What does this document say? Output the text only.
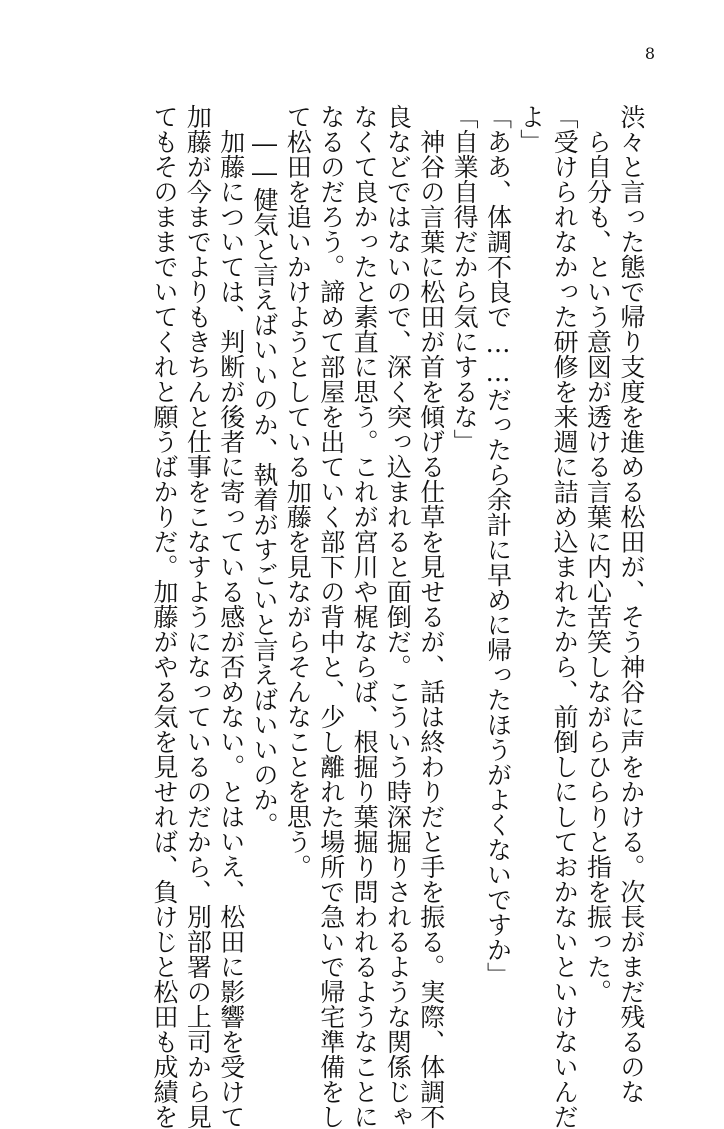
8
渋々と言った態で帰り支度を進める松田が、そう神谷に声をかける。次長がまだ残るのな
ら自分も、という意図が透ける言葉に内心苦笑しながらひらりと指を振った。
「受けられなかった研修を来週に詰め込まれたから、前倒しにしておかないといけないんだ
よ」
「ああ、体調不良で……だったら余計に早めに帰ったほうがよくないですか」
「自業自得だから気にするな」
神谷の言葉に松田が首を傾げる仕草を見せるが、話は終わりだと手を振る。実際、体調不
良などではないので、深く突っ込まれると面倒だ。こういう時深掘りされるような関係じゃ
なくて良かったと素直に思う。これが宮川や梶ならば、根掘り葉掘り問われるようなことに
なるのだろう。諦めて部屋を出ていく部下の背中と、少し離れた場所で急いで帰宅準備をし
て松田を追いかけようとしている加藤を見ながらそんなことを思う。
――健気と言えばいいのか、執着がすごいと言えばいいのか。
加藤については、判断が後者に寄っている感が否めない。とはいえ、松田に影響を受けて
加藤が今までよりもきちんと仕事をこなすようになっているのだから、別部署の上司から見
てもそのままでいてくれと願うばかりだ。加藤がやる気を見せれば、負けじと松田も成績を
